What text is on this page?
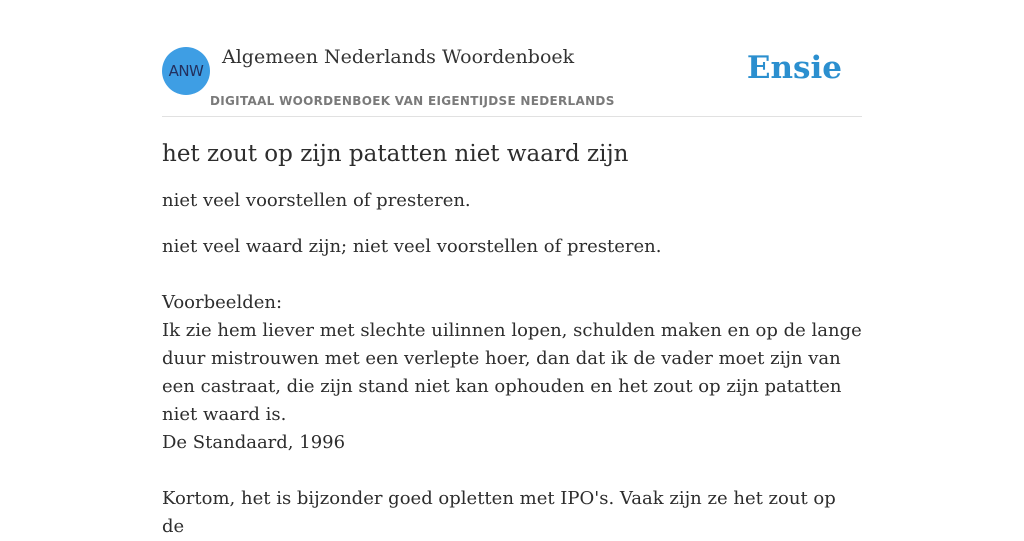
ANW
Algemeen Nederlands Woordenboek
DIGITAAL WOORDENBOEK VAN EIGENTIJDSE NEDERLANDS
Ensie
het zout op zijn patatten niet waard zijn

niet veel voorstellen of presteren.

niet veel waard zijn; niet veel voorstellen of presteren.

Voorbeelden:

Ik zie hem liever met slechte uilinnen lopen, schulden maken en op de lange duur mistrouwen met een verlepte hoer, dan dat ik de vader moet zijn van een castraat, die zijn stand niet kan ophouden en het zout op zijn patatten niet waard is.

De Standaard, 1996

Kortom, het is bijzonder goed opletten met IPO's. Vaak zijn ze het zout op de
